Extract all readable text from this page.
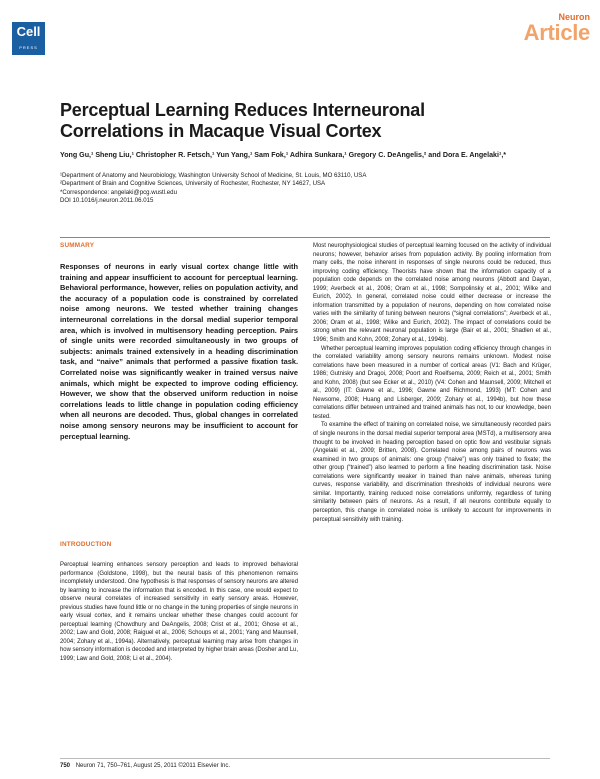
Cell
PRESS
Neuron
Article
Perceptual Learning Reduces Interneuronal Correlations in Macaque Visual Cortex
Yong Gu,¹ Sheng Liu,¹ Christopher R. Fetsch,¹ Yun Yang,¹ Sam Fok,¹ Adhira Sunkara,¹ Gregory C. DeAngelis,² and Dora E. Angelaki¹,*
¹Department of Anatomy and Neurobiology, Washington University School of Medicine, St. Louis, MO 63110, USA
²Department of Brain and Cognitive Sciences, University of Rochester, Rochester, NY 14627, USA
*Correspondence: angelaki@pcg.wustl.edu
DOI 10.1016/j.neuron.2011.06.015
SUMMARY
Responses of neurons in early visual cortex change little with training and appear insufficient to account for perceptual learning. Behavioral performance, however, relies on population activity, and the accuracy of a population code is constrained by correlated noise among neurons. We tested whether training changes interneuronal correlations in the dorsal medial superior temporal area, which is involved in multisensory heading perception. Pairs of single units were recorded simultaneously in two groups of subjects: animals trained extensively in a heading discrimination task, and “naive” animals that performed a passive fixation task. Correlated noise was significantly weaker in trained versus naive animals, which might be expected to improve coding efficiency. However, we show that the observed uniform reduction in noise correlations leads to little change in population coding efficiency when all neurons are decoded. Thus, global changes in correlated noise among sensory neurons may be insufficient to account for perceptual learning.
INTRODUCTION

Perceptual learning enhances sensory perception and leads to improved behavioral performance (Goldstone, 1998), but the neural basis of this phenomenon remains incompletely understood. One hypothesis is that responses of sensory neurons are altered by learning to increase the information that is encoded. In this case, one would expect to observe neural correlates of increased sensitivity in early sensory areas. However, previous studies have found little or no change in the tuning properties of single neurons in early visual cortex, and it remains unclear whether these changes could account for perceptual learning (Chowdhury and DeAngelis, 2008; Crist et al., 2001; Ghose et al., 2002; Law and Gold, 2008; Raiguel et al., 2006; Schoups et al., 2001; Yang and Maunsell, 2004; Zohary et al., 1994a). Alternatively, perceptual learning may arise from changes in how sensory information is decoded and interpreted by higher brain areas (Dosher and Lu, 1999; Law and Gold, 2008; Li et al., 2004).

Most neurophysiological studies of perceptual learning focused on the activity of individual neurons; however, behavior arises from population activity. By pooling information from many cells, the noise inherent in responses of single neurons could be reduced, thus improving coding efficiency. Theorists have shown that the information capacity of a population code depends on the correlated noise among neurons (Abbott and Dayan, 1999; Averbeck et al., 2006; Oram et al., 1998; Sompolinsky et al., 2001; Wilke and Eurich, 2002). In general, correlated noise could either decrease or increase the information transmitted by a population of neurons, depending on how correlated noise varies with the similarity of tuning between neurons (“signal correlations”; Averbeck et al., 2006; Oram et al., 1998; Wilke and Eurich, 2002). The impact of correlations could be strong when the relevant neuronal population is large (Bair et al., 2001; Shadlen et al., 1996; Smith and Kohn, 2008; Zohary et al., 1994b).

Whether perceptual learning improves population coding efficiency through changes in the correlated variability among sensory neurons remains unknown. Modest noise correlations have been measured in a number of cortical areas (V1: Bach and Krüger, 1986; Gutnisky and Dragoi, 2008; Poort and Roelfsema, 2009; Reich et al., 2001; Smith and Kohn, 2008) (but see Ecker et al., 2010) (V4: Cohen and Maunsell, 2009; Mitchell et al., 2009) (IT: Gawne et al., 1996; Gawne and Richmond, 1993) (MT: Cohen and Newsome, 2008; Huang and Lisberger, 2009; Zohary et al., 1994b), but how these correlations differ between untrained and trained animals has not, to our knowledge, been tested.

To examine the effect of training on correlated noise, we simultaneously recorded pairs of single neurons in the dorsal medial superior temporal area (MSTd), a multisensory area thought to be involved in heading perception based on optic flow and vestibular signals (Angelaki et al., 2009; Britten, 2008). Correlated noise among pairs of neurons was examined in two groups of animals: one group (“naive”) was only trained to fixate; the other group (“trained”) also learned to perform a fine heading discrimination task. Noise correlations were significantly weaker in trained than naive animals, whereas tuning curves, response variability, and discrimination thresholds of individual neurons were similar. Importantly, training reduced noise correlations uniformly, regardless of tuning similarity between pairs of neurons. As a result, if all neurons contribute equally to perception, this change in correlated noise is unlikely to account for improvements in perceptual sensitivity with training.

750 Neuron 71, 750–761, August 25, 2011 ©2011 Elsevier Inc.
